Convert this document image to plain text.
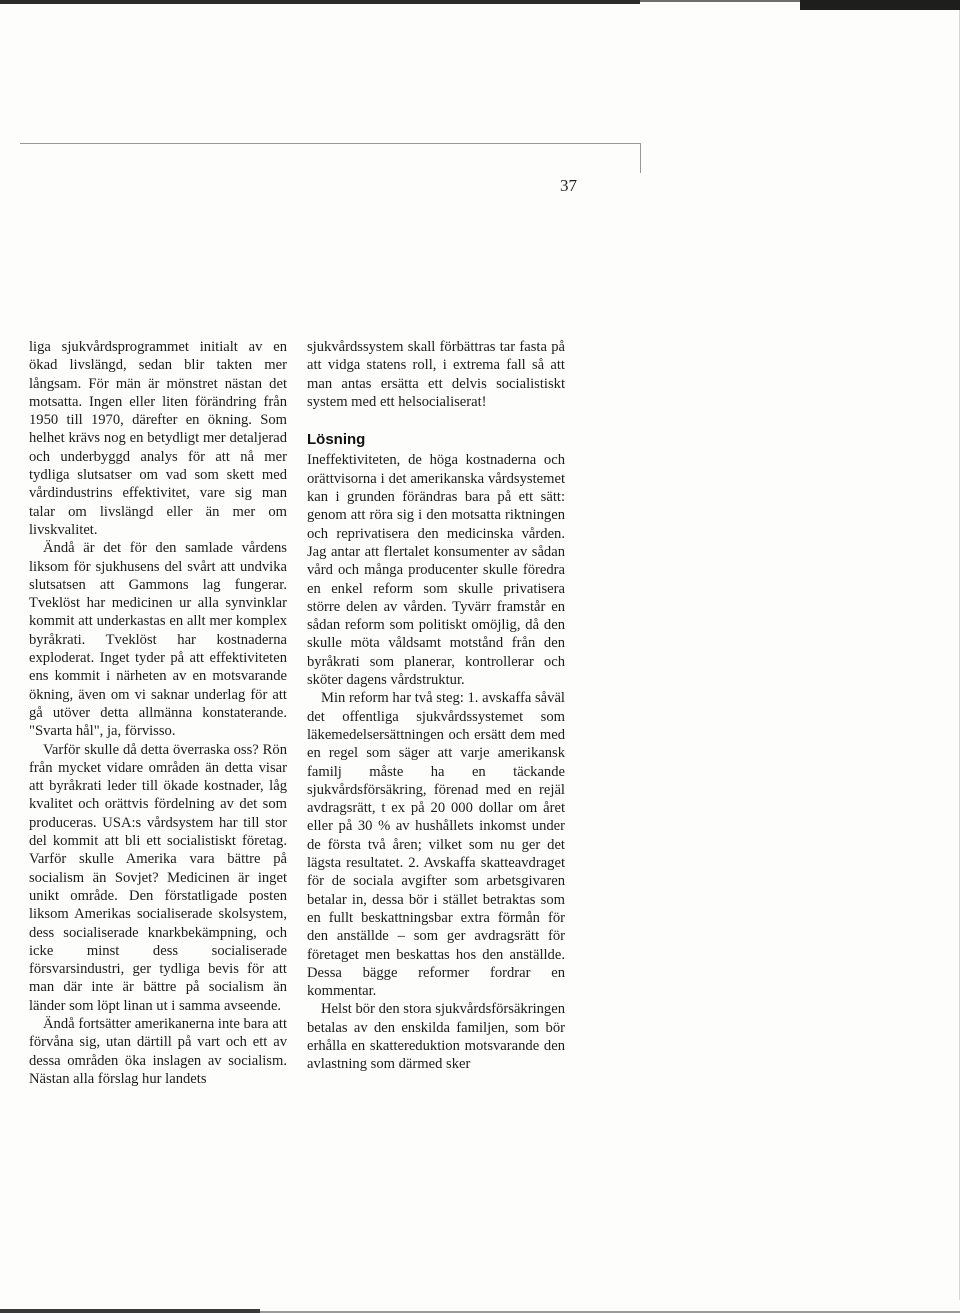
37

liga sjukvårdsprogrammet initialt av en ökad livslängd, sedan blir takten mer långsam. För män är mönstret nästan det motsatta. Ingen eller liten förändring från 1950 till 1970, därefter en ökning. Som helhet krävs nog en betydligt mer detaljerad och underbyggd analys för att nå mer tydliga slutsatser om vad som skett med vårdindustrins effektivitet, vare sig man talar om livslängd eller än mer om livskvalitet.

Ändå är det för den samlade vårdens liksom för sjukhusens del svårt att undvika slutsatsen att Gammons lag fungerar. Tveklöst har medicinen ur alla synvinklar kommit att underkastas en allt mer komplex byråkrati. Tveklöst har kostnaderna exploderat. Inget tyder på att effektiviteten ens kommit i närheten av en motsvarande ökning, även om vi saknar underlag för att gå utöver detta allmänna konstaterande. "Svarta hål", ja, förvisso.

Varför skulle då detta överraska oss? Rön från mycket vidare områden än detta visar att byråkrati leder till ökade kostnader, låg kvalitet och orättvis fördelning av det som produceras. USA:s vårdsystem har till stor del kommit att bli ett socialistiskt företag. Varför skulle Amerika vara bättre på socialism än Sovjet? Medicinen är inget unikt område. Den förstatligade posten liksom Amerikas socialiserade skolsystem, dess socialiserade knarkbekämpning, och icke minst dess socialiserade försvarsindustri, ger tydliga bevis för att man där inte är bättre på socialism än länder som löpt linan ut i samma avseende.

Ändå fortsätter amerikanerna inte bara att förvåna sig, utan därtill på vart och ett av dessa områden öka inslagen av socialism. Nästan alla förslag hur landets

sjukvårdssystem skall förbättras tar fasta på att vidga statens roll, i extrema fall så att man antas ersätta ett delvis socialistiskt system med ett helsocialiserat!

Lösning

Ineffektiviteten, de höga kostnaderna och orättvisorna i det amerikanska vårdsystemet kan i grunden förändras bara på ett sätt: genom att röra sig i den motsatta riktningen och reprivatisera den medicinska vården. Jag antar att flertalet konsumenter av sådan vård och många producenter skulle föredra en enkel reform som skulle privatisera större delen av vården. Tyvärr framstår en sådan reform som politiskt omöjlig, då den skulle möta våldsamt motstånd från den byråkrati som planerar, kontrollerar och sköter dagens vårdstruktur.

Min reform har två steg: 1. avskaffa såväl det offentliga sjukvårdssystemet som läkemedelsersättningen och ersätt dem med en regel som säger att varje amerikansk familj måste ha en täckande sjukvårdsförsäkring, förenad med en rejäl avdragsrätt, t ex på 20 000 dollar om året eller på 30 % av hushållets inkomst under de första två åren; vilket som nu ger det lägsta resultatet. 2. Avskaffa skatteavdraget för de sociala avgifter som arbetsgivaren betalar in, dessa bör i stället betraktas som en fullt beskattningsbar extra förmån för den anställde – som ger avdragsrätt för företaget men beskattas hos den anställde. Dessa bägge reformer fordrar en kommentar.

Helst bör den stora sjukvårdsförsäkringen betalas av den enskilda familjen, som bör erhålla en skattereduktion motsvarande den avlastning som därmed sker
